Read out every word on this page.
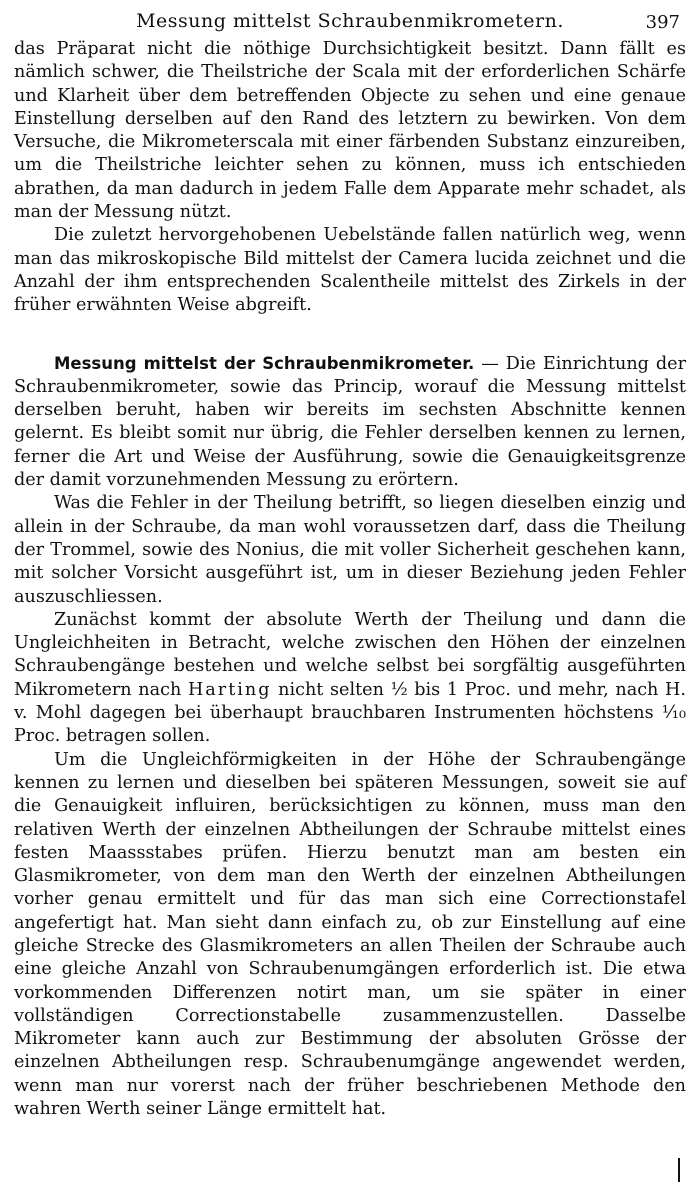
Messung mittelst Schraubenmikrometern.	397

das Präparat nicht die nöthige Durchsichtigkeit besitzt. Dann fällt es nämlich schwer, die Theilstriche der Scala mit der erforderlichen Schärfe und Klarheit über dem betreffenden Objecte zu sehen und eine genaue Einstellung derselben auf den Rand des letztern zu bewirken. Von dem Versuche, die Mikrometerscala mit einer färbenden Substanz einzureiben, um die Theilstriche leichter sehen zu können, muss ich entschieden abrathen, da man dadurch in jedem Falle dem Apparate mehr schadet, als man der Messung nützt.

Die zuletzt hervorgehobenen Uebelstände fallen natürlich weg, wenn man das mikroskopische Bild mittelst der Camera lucida zeichnet und die Anzahl der ihm entsprechenden Scalentheile mittelst des Zirkels in der früher erwähnten Weise abgreift.

Messung mittelst der Schraubenmikrometer. — Die Einrichtung der Schraubenmikrometer, sowie das Princip, worauf die Messung mittelst derselben beruht, haben wir bereits im sechsten Abschnitte kennen gelernt. Es bleibt somit nur übrig, die Fehler derselben kennen zu lernen, ferner die Art und Weise der Ausführung, sowie die Genauigkeitsgrenze der damit vorzunehmenden Messung zu erörtern.

Was die Fehler in der Theilung betrifft, so liegen dieselben einzig und allein in der Schraube, da man wohl voraussetzen darf, dass die Theilung der Trommel, sowie des Nonius, die mit voller Sicherheit geschehen kann, mit solcher Vorsicht ausgeführt ist, um in dieser Beziehung jeden Fehler auszuschliessen.

Zunächst kommt der absolute Werth der Theilung und dann die Ungleichheiten in Betracht, welche zwischen den Höhen der einzelnen Schraubengänge bestehen und welche selbst bei sorgfältig ausgeführten Mikrometern nach Harting nicht selten ½ bis 1 Proc. und mehr, nach H. v. Mohl dagegen bei überhaupt brauchbaren Instrumenten höchstens ¹⁄₁₀ Proc. betragen sollen.

Um die Ungleichförmigkeiten in der Höhe der Schraubengänge kennen zu lernen und dieselben bei späteren Messungen, soweit sie auf die Genauigkeit influiren, berücksichtigen zu können, muss man den relativen Werth der einzelnen Abtheilungen der Schraube mittelst eines festen Maassstabes prüfen. Hierzu benutzt man am besten ein Glasmikrometer, von dem man den Werth der einzelnen Abtheilungen vorher genau ermittelt und für das man sich eine Correctionstafel angefertigt hat. Man sieht dann einfach zu, ob zur Einstellung auf eine gleiche Strecke des Glasmikrometers an allen Theilen der Schraube auch eine gleiche Anzahl von Schraubenumgängen erforderlich ist. Die etwa vorkommenden Differenzen notirt man, um sie später in einer vollständigen Correctionstabelle zusammenzustellen. Dasselbe Mikrometer kann auch zur Bestimmung der absoluten Grösse der einzelnen Abtheilungen resp. Schraubenumgänge angewendet werden, wenn man nur vorerst nach der früher beschriebenen Methode den wahren Werth seiner Länge ermittelt hat.
